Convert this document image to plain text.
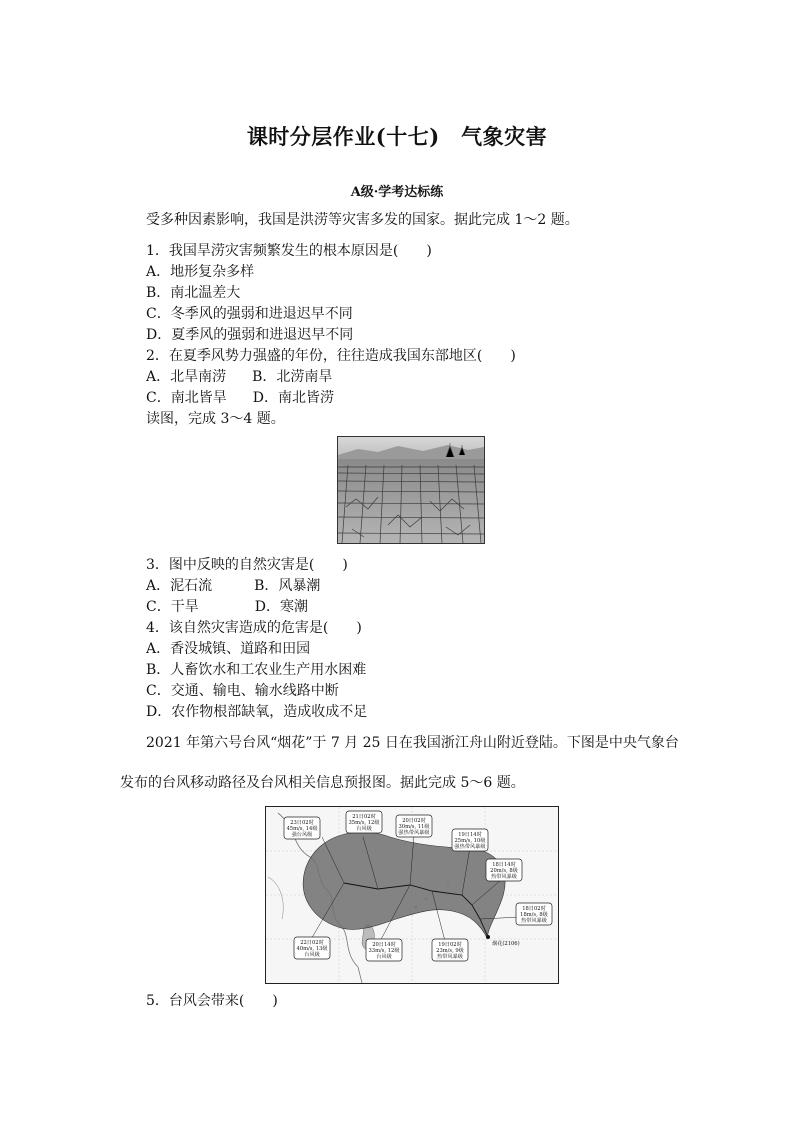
课时分层作业(十七)　气象灾害
A级·学考达标练
受多种因素影响，我国是洪涝等灾害多发的国家。据此完成 1～2 题。
1．我国旱涝灾害频繁发生的根本原因是(　　)
A．地形复杂多样
B．南北温差大
C．冬季风的强弱和进退迟早不同
D．夏季风的强弱和进退迟早不同
2．在夏季风势力强盛的年份，往往造成我国东部地区(　　)
A．北旱南涝 B．北涝南旱
C．南北皆旱 D．南北皆涝
读图，完成 3～4 题。
3．图中反映的自然灾害是(　　)
A．泥石流	B．风暴潮
C．干旱	D．寒潮
4．该自然灾害造成的危害是(　　)
A．香没城镇、道路和田园
B．人畜饮水和工农业生产用水困难
C．交通、输电、输水线路中断
D．农作物根部缺氧，造成收成不足
2021 年第六号台风“烟花”于 7 月 25 日在我国浙江舟山附近登陆。下图是中央气象台
发布的台风移动路径及台风相关信息预报图。据此完成 5～6 题。
23日02时
45m/s, 14级
强台风级
21日02时
35m/s, 12级
台风级
20日02时
30m/s, 11级
强热带风暴级	19日14时
25m/s, 10级
强热带风暴级
18日14时
20m/s, 8级
热带风暴级
18日02时
18m/s, 8级
热带风暴级
22日02时
40m/s, 13级
台风级
20日14时
33m/s, 12级
台风级
19日02时
23m/s, 9级
热带风暴级
烟花(2106)
5．台风会带来(　　)
